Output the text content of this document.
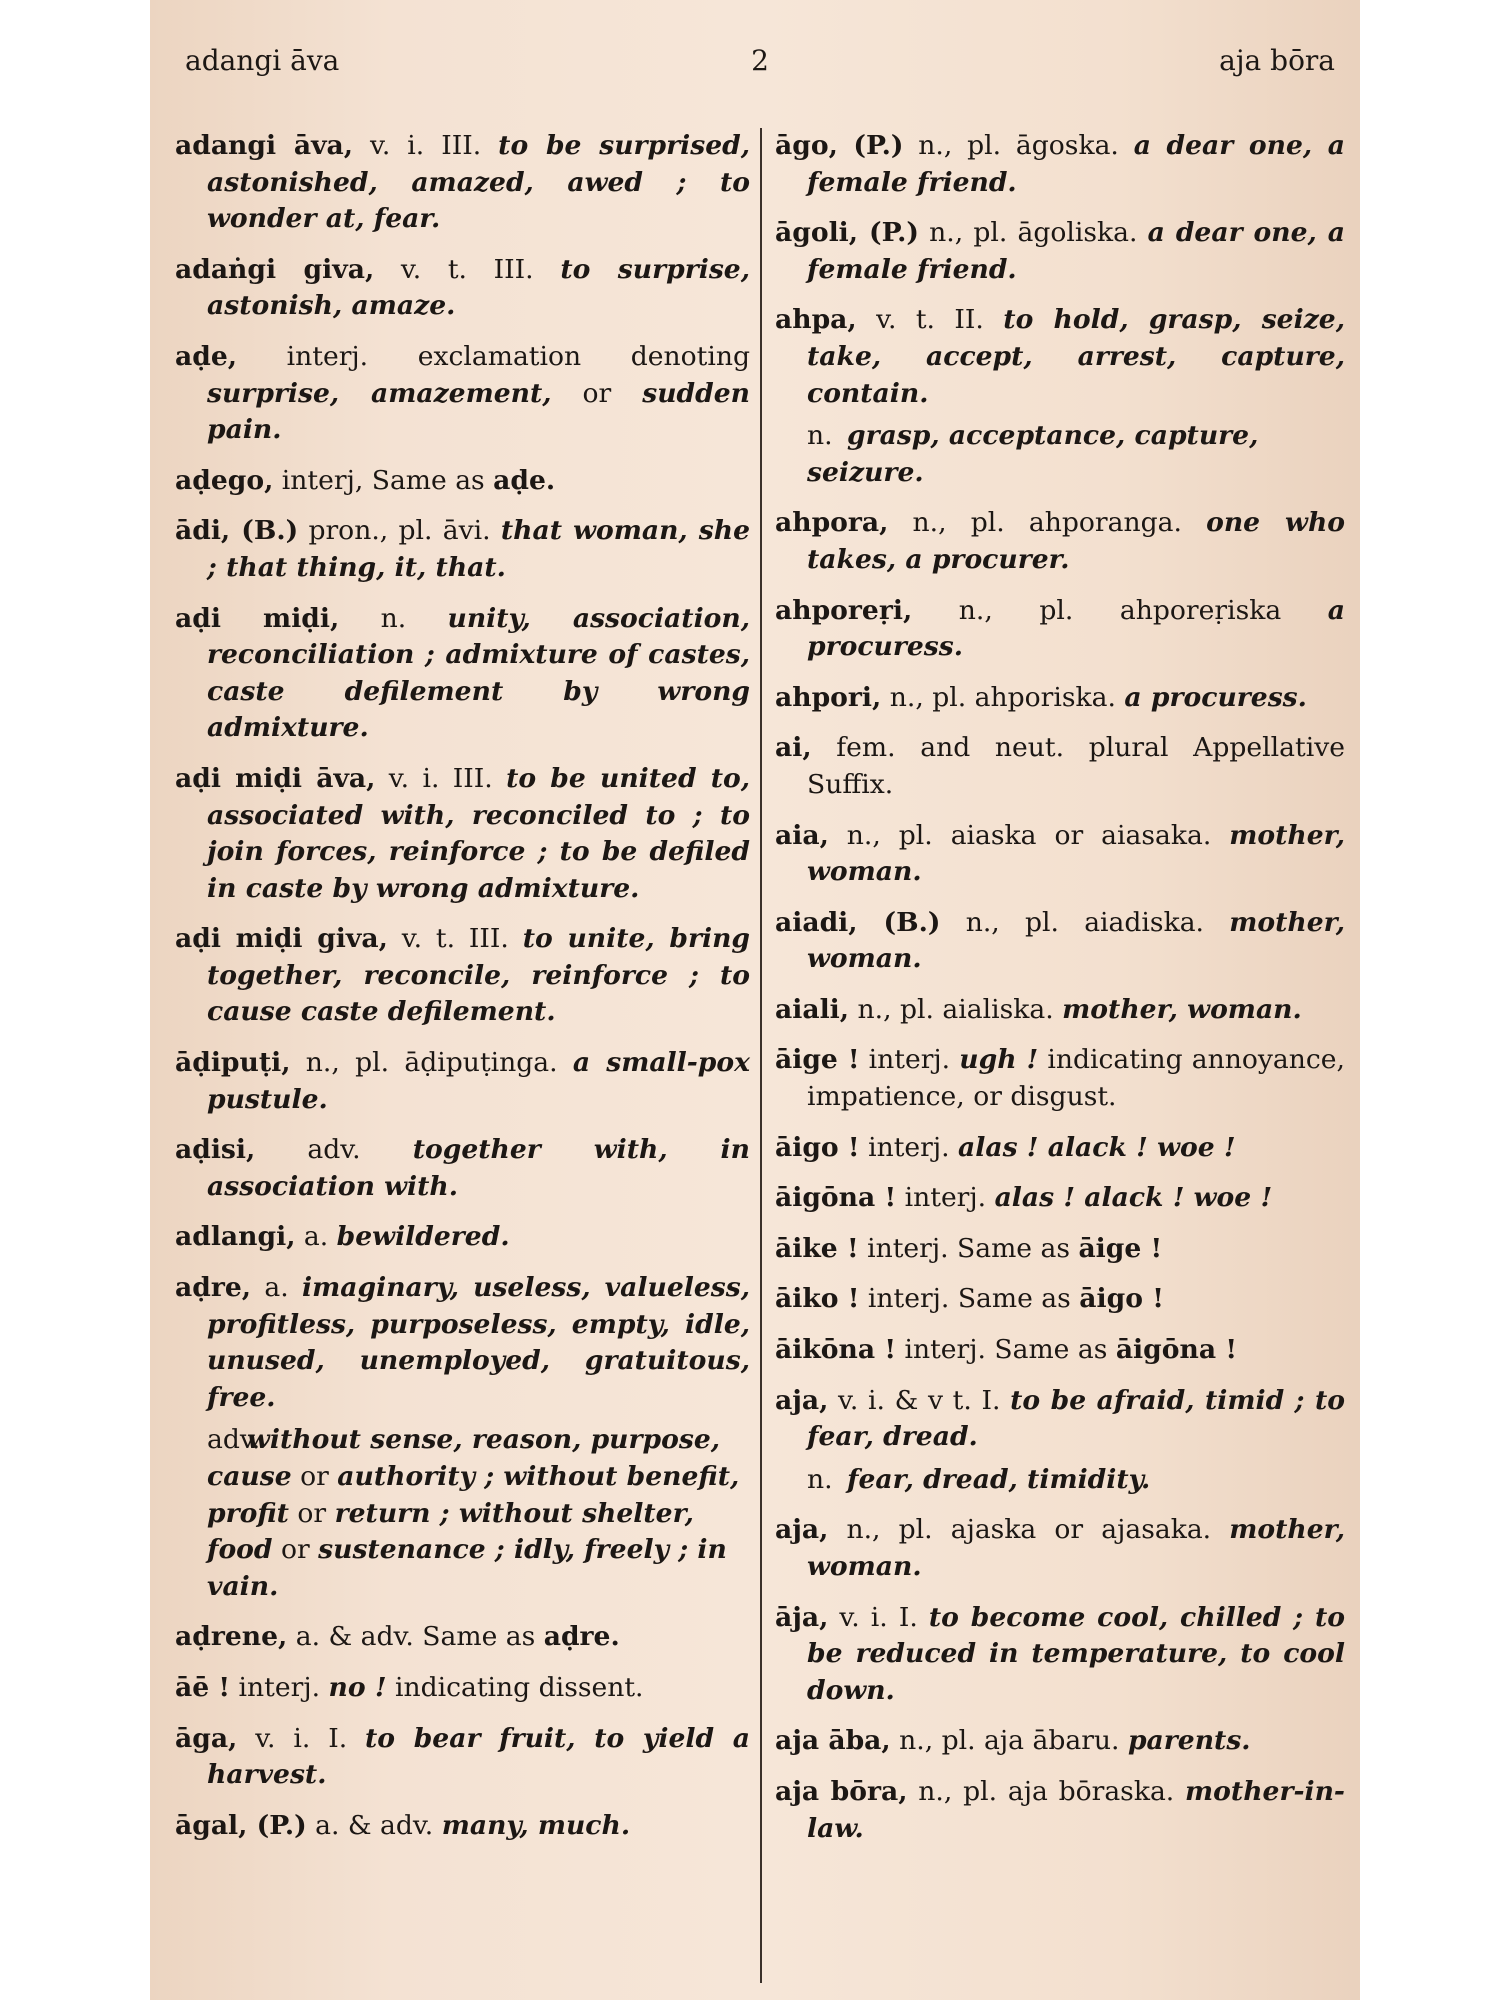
adangi āva	2	aja bōra
adangi āva, v. i. III. to be surprised, astonished, amazed, awed ; to wonder at, fear.
adaṅgi giva, v. t. III. to surprise, astonish, amaze.
aḍe, interj. exclamation denoting surprise, amazement, or sudden pain.
aḍego, interj, Same as aḍe.
ādi, (B.) pron., pl. āvi. that woman, she ; that thing, it, that.
aḍi miḍi, n. unity, association, reconciliation ; admixture of castes, caste defilement by wrong admixture.
aḍi miḍi āva, v. i. III. to be united to, associated with, reconciled to ; to join forces, reinforce ; to be defiled in caste by wrong admixture.
aḍi miḍi giva, v. t. III. to unite, bring together, reconcile, reinforce ; to cause caste defilement.
āḍipuṭi, n., pl. āḍipuṭinga. a small-pox pustule.
aḍisi, adv. together with, in association with.
adlangi, a. bewildered.
aḍre, a. imaginary, useless, valueless, profitless, purposeless, empty, idle, unused, unemployed, gratuitous, free.
adv.without sense, reason, purpose, cause or authority ; without benefit, profit or return ; without shelter, food or sustenance ; idly, freely ; in vain.
aḍrene, a. & adv. Same as aḍre.
āē ! interj. no ! indicating dissent.
āga, v. i. I. to bear fruit, to yield a harvest.
āgal, (P.) a. & adv. many, much.
āgo, (P.) n., pl. āgoska. a dear one, a female friend.
āgoli, (P.) n., pl. āgoliska. a dear one, a female friend.
ahpa, v. t. II. to hold, grasp, seize, take, accept, arrest, capture, contain.
n.grasp, acceptance, capture, seizure.
ahpora, n., pl. ahporanga. one who takes, a procurer.
ahporeṛi, n., pl. ahporeṛiska a procuress.
ahpori, n., pl. ahporiska. a procuress.
ai, fem. and neut. plural Appellative Suffix.
aia, n., pl. aiaska or aiasaka. mother, woman.
aiadi, (B.) n., pl. aiadiska. mother, woman.
aiali, n., pl. aialiska. mother, woman.
āige ! interj. ugh ! indicating annoyance, impatience, or disgust.
āigo ! interj. alas ! alack ! woe !
āigōna ! interj. alas ! alack ! woe !
āike ! interj. Same as āige !
āiko ! interj. Same as āigo !
āikōna ! interj. Same as āigōna !
aja, v. i. & v t. I. to be afraid, timid ; to fear, dread.
n.fear, dread, timidity.
aja, n., pl. ajaska or ajasaka. mother, woman.
āja, v. i. I. to become cool, chilled ; to be reduced in temperature, to cool down.
aja āba, n., pl. aja ābaru. parents.
aja bōra, n., pl. aja bōraska. mother-in-law.
